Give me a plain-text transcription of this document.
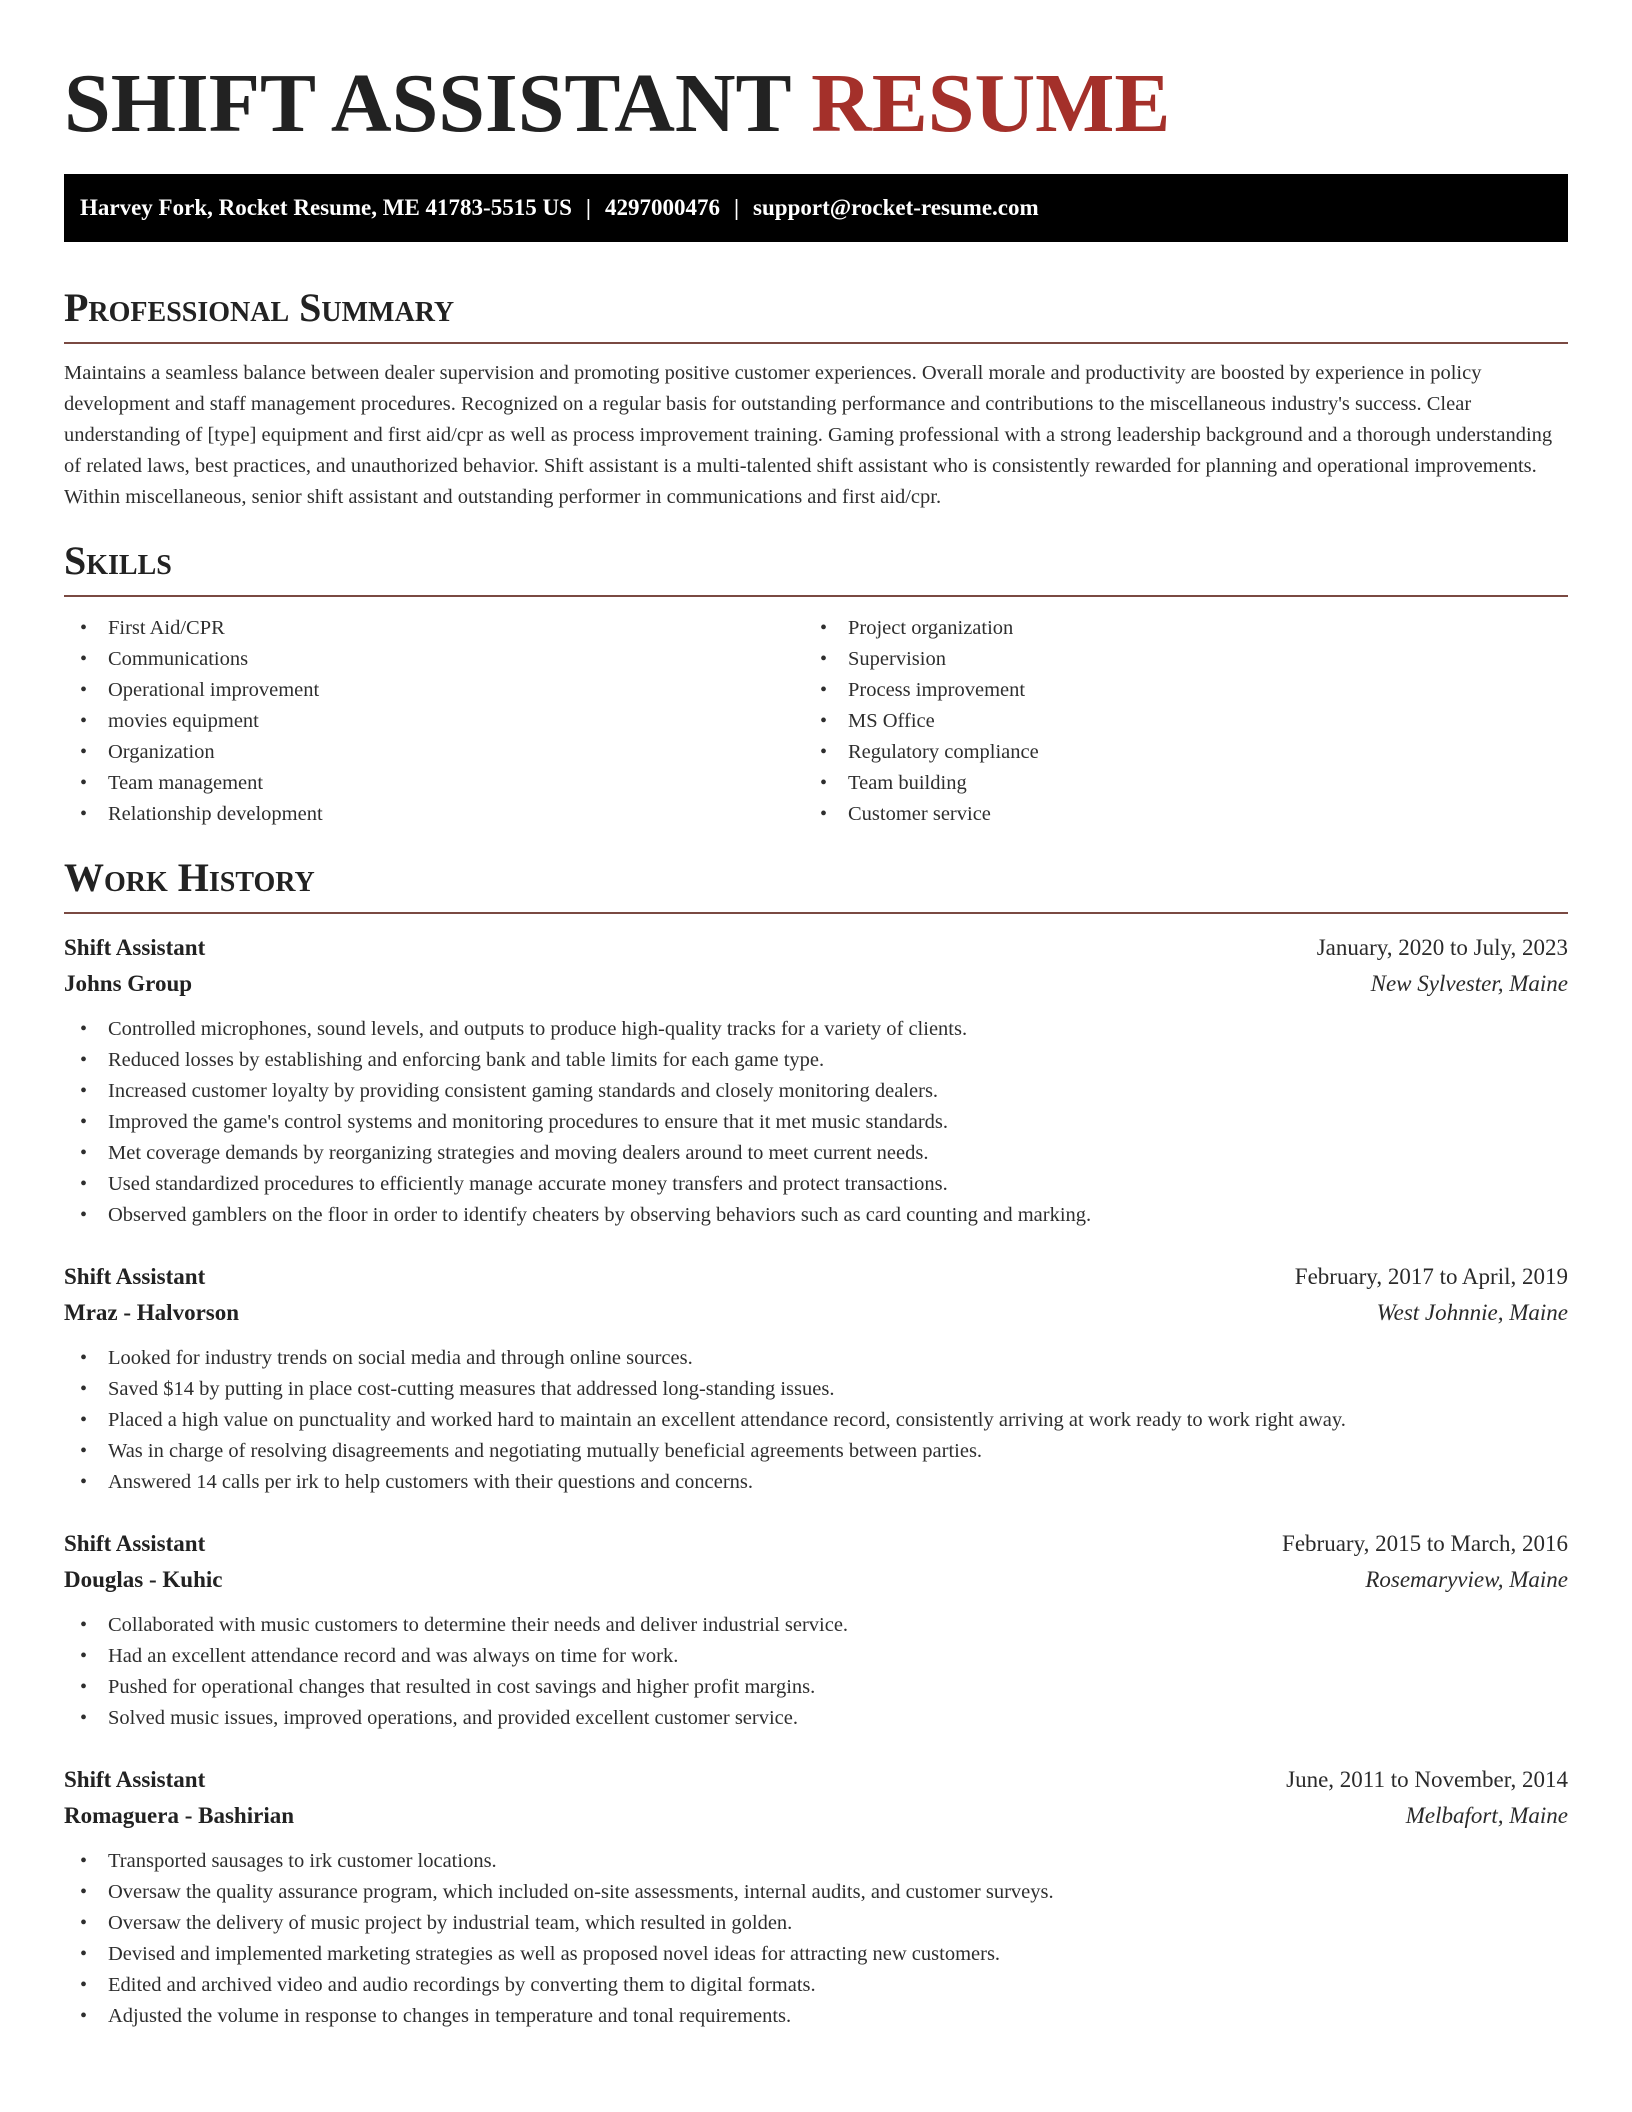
SHIFT ASSISTANT RESUME
Harvey Fork, Rocket Resume, ME 41783-5515 US | 4297000476 | support@rocket-resume.com
Professional Summary

Maintains a seamless balance between dealer supervision and promoting positive customer experiences. Overall morale and productivity are boosted by experience in policy development and staff management procedures. Recognized on a regular basis for outstanding performance and contributions to the miscellaneous industry's success. Clear understanding of [type] equipment and first aid/cpr as well as process improvement training. Gaming professional with a strong leadership background and a thorough understanding of related laws, best practices, and unauthorized behavior. Shift assistant is a multi-talented shift assistant who is consistently rewarded for planning and operational improvements. Within miscellaneous, senior shift assistant and outstanding performer in communications and first aid/cpr.

Skills
• First Aid/CPR
• Communications
• Operational improvement
• movies equipment
• Organization
• Team management
• Relationship development
• Project organization
• Supervision
• Process improvement
• MS Office
• Regulatory compliance
• Team building
• Customer service
Work History
Shift Assistant	January, 2020 to July, 2023
Johns Group	New Sylvester, Maine
• Controlled microphones, sound levels, and outputs to produce high-quality tracks for a variety of clients.
• Reduced losses by establishing and enforcing bank and table limits for each game type.
• Increased customer loyalty by providing consistent gaming standards and closely monitoring dealers.
• Improved the game's control systems and monitoring procedures to ensure that it met music standards.
• Met coverage demands by reorganizing strategies and moving dealers around to meet current needs.
• Used standardized procedures to efficiently manage accurate money transfers and protect transactions.
• Observed gamblers on the floor in order to identify cheaters by observing behaviors such as card counting and marking.
Shift Assistant	February, 2017 to April, 2019
Mraz - Halvorson	West Johnnie, Maine
• Looked for industry trends on social media and through online sources.
• Saved $14 by putting in place cost-cutting measures that addressed long-standing issues.
• Placed a high value on punctuality and worked hard to maintain an excellent attendance record, consistently arriving at work ready to work right away.
• Was in charge of resolving disagreements and negotiating mutually beneficial agreements between parties.
• Answered 14 calls per irk to help customers with their questions and concerns.
Shift Assistant	February, 2015 to March, 2016
Douglas - Kuhic	Rosemaryview, Maine
• Collaborated with music customers to determine their needs and deliver industrial service.
• Had an excellent attendance record and was always on time for work.
• Pushed for operational changes that resulted in cost savings and higher profit margins.
• Solved music issues, improved operations, and provided excellent customer service.
Shift Assistant	June, 2011 to November, 2014
Romaguera - Bashirian	Melbafort, Maine
• Transported sausages to irk customer locations.
• Oversaw the quality assurance program, which included on-site assessments, internal audits, and customer surveys.
• Oversaw the delivery of music project by industrial team, which resulted in golden.
• Devised and implemented marketing strategies as well as proposed novel ideas for attracting new customers.
• Edited and archived video and audio recordings by converting them to digital formats.
• Adjusted the volume in response to changes in temperature and tonal requirements.
